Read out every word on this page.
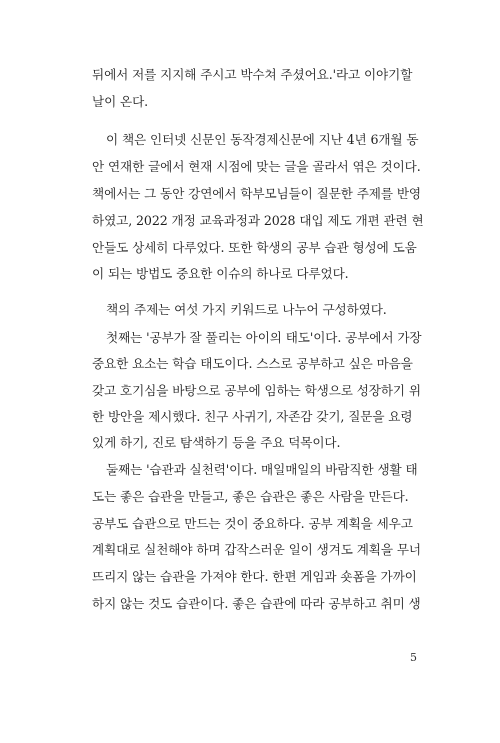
뒤에서 저를 지지해 주시고 박수쳐 주셨어요.'라고 이야기할
날이 온다.
이 책은 인터넷 신문인 동작경제신문에 지난 4년 6개월 동
안 연재한 글에서 현재 시점에 맞는 글을 골라서 엮은 것이다.
책에서는 그 동안 강연에서 학부모님들이 질문한 주제를 반영
하였고, 2022 개정 교육과정과 2028 대입 제도 개편 관련 현
안들도 상세히 다루었다. 또한 학생의 공부 습관 형성에 도움
이 되는 방법도 중요한 이슈의 하나로 다루었다.
책의 주제는 여섯 가지 키워드로 나누어 구성하였다.
첫째는 '공부가 잘 풀리는 아이의 태도'이다. 공부에서 가장
중요한 요소는 학습 태도이다. 스스로 공부하고 싶은 마음을
갖고 호기심을 바탕으로 공부에 임하는 학생으로 성장하기 위
한 방안을 제시했다. 친구 사귀기, 자존감 갖기, 질문을 요령
있게 하기, 진로 탐색하기 등을 주요 덕목이다.
둘째는 '습관과 실천력'이다. 매일매일의 바람직한 생활 태
도는 좋은 습관을 만들고, 좋은 습관은 좋은 사람을 만든다.
공부도 습관으로 만드는 것이 중요하다. 공부 계획을 세우고
계획대로 실천해야 하며 갑작스러운 일이 생겨도 계획을 무너
뜨리지 않는 습관을 가져야 한다. 한편 게임과 숏폼을 가까이
하지 않는 것도 습관이다. 좋은 습관에 따라 공부하고 취미 생
5
